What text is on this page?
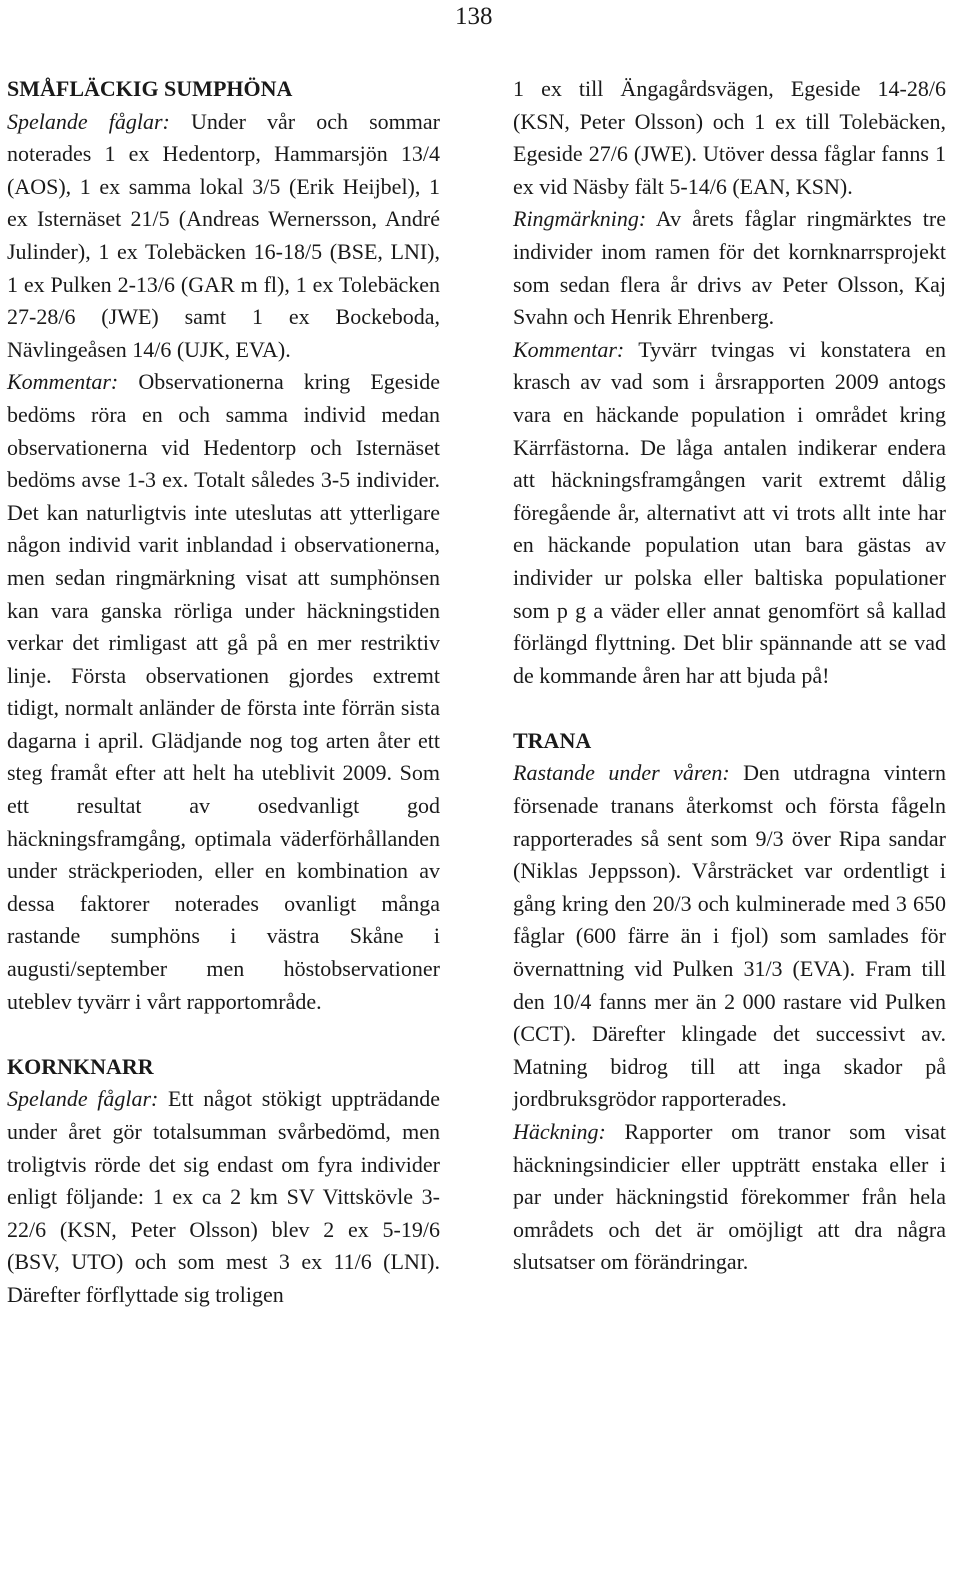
138

SMÅFLÄCKIG SUMPHÖNA

Spelande fåglar: Under vår och sommar noterades 1 ex Hedentorp, Hammarsjön 13/4 (AOS), 1 ex samma lokal 3/5 (Erik Heijbel), 1 ex Isternäset 21/5 (Andreas Wernersson, André Julinder), 1 ex Tolebäcken 16-18/5 (BSE, LNI), 1 ex Pulken 2-13/6 (GAR m fl), 1 ex Tolebäcken 27-28/6 (JWE) samt 1 ex Bockeboda, Nävlingeåsen 14/6 (UJK, EVA).

Kommentar: Observationerna kring Egeside bedöms röra en och samma individ medan observationerna vid Hedentorp och Isternäset bedöms avse 1-3 ex. Totalt således 3-5 individer. Det kan naturligtvis inte uteslutas att ytterligare någon individ varit inblandad i observationerna, men sedan ringmärkning visat att sumphönsen kan vara ganska rörliga under häckningstiden verkar det rimligast att gå på en mer restriktiv linje. Första observationen gjordes extremt tidigt, normalt anländer de första inte förrän sista dagarna i april. Glädjande nog tog arten åter ett steg framåt efter att helt ha uteblivit 2009. Som ett resultat av osedvanligt god häckningsframgång, optimala väderförhållanden under sträckperioden, eller en kombination av dessa faktorer noterades ovanligt många rastande sumphöns i västra Skåne i augusti/september men höstobservationer uteblev tyvärr i vårt rapportområde.

KORNKNARR

Spelande fåglar: Ett något stökigt uppträdande under året gör totalsumman svårbedömd, men troligtvis rörde det sig endast om fyra individer enligt följande: 1 ex ca 2 km SV Vittskövle 3-22/6 (KSN, Peter Olsson) blev 2 ex 5-19/6 (BSV, UTO) och som mest 3 ex 11/6 (LNI). Därefter förflyttade sig troligen

1 ex till Ängagårdsvägen, Egeside 14-28/6 (KSN, Peter Olsson) och 1 ex till Tolebäcken, Egeside 27/6 (JWE). Utöver dessa fåglar fanns 1 ex vid Näsby fält 5-14/6 (EAN, KSN).

Ringmärkning: Av årets fåglar ringmärktes tre individer inom ramen för det kornknarrsprojekt som sedan flera år drivs av Peter Olsson, Kaj Svahn och Henrik Ehrenberg.

Kommentar: Tyvärr tvingas vi konstatera en krasch av vad som i årsrapporten 2009 antogs vara en häckande population i området kring Kärrfästorna. De låga antalen indikerar endera att häckningsframgången varit extremt dålig föregående år, alternativt att vi trots allt inte har en häckande population utan bara gästas av individer ur polska eller baltiska populationer som p g a väder eller annat genomfört så kallad förlängd flyttning. Det blir spännande att se vad de kommande åren har att bjuda på!

TRANA

Rastande under våren: Den utdragna vintern försenade tranans återkomst och första fågeln rapporterades så sent som 9/3 över Ripa sandar (Niklas Jeppsson). Vårsträcket var ordentligt i gång kring den 20/3 och kulminerade med 3 650 fåglar (600 färre än i fjol) som samlades för övernattning vid Pulken 31/3 (EVA). Fram till den 10/4 fanns mer än 2 000 rastare vid Pulken (CCT). Därefter klingade det successivt av. Matning bidrog till att inga skador på jordbruksgrödor rapporterades.

Häckning: Rapporter om tranor som visat häckningsindicier eller uppträtt enstaka eller i par under häckningstid förekommer från hela områdets och det är omöjligt att dra några slutsatser om förändringar.
